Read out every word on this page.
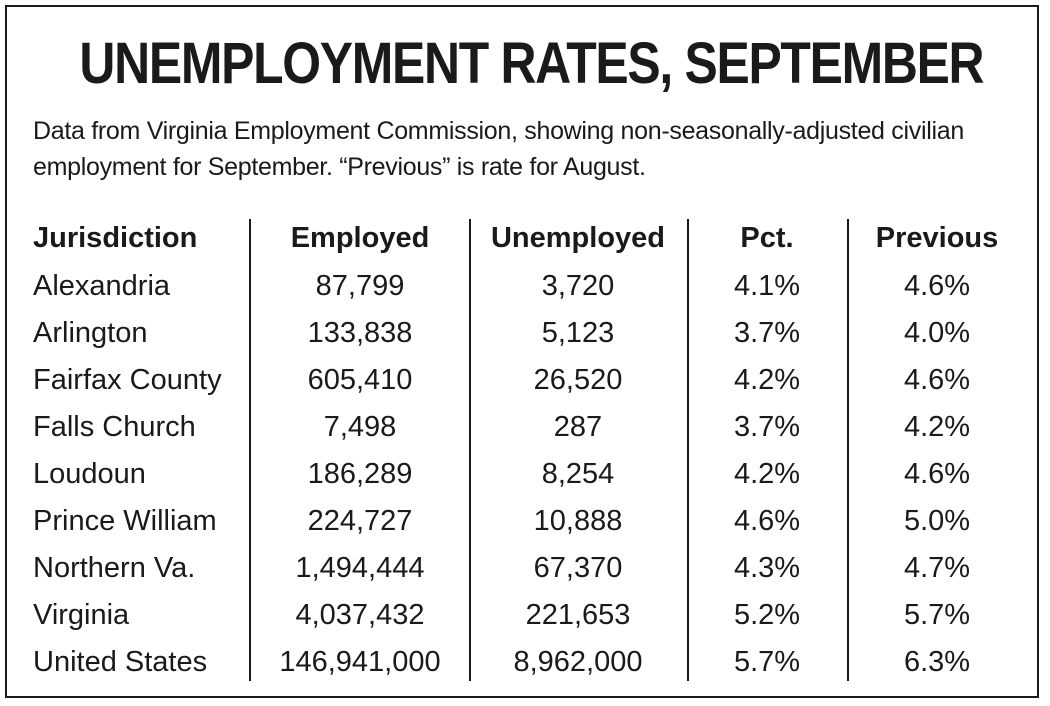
UNEMPLOYMENT RATES, SEPTEMBER
Data from Virginia Employment Commission, showing non-seasonally-adjusted civilian employment for September. “Previous” is rate for August.
Jurisdiction	Employed	Unemployed	Pct.	Previous
Alexandria	87,799	3,720	4.1%	4.6%
Arlington	133,838	5,123	3.7%	4.0%
Fairfax County	605,410	26,520	4.2%	4.6%
Falls Church	7,498	287	3.7%	4.2%
Loudoun	186,289	8,254	4.2%	4.6%
Prince William	224,727	10,888	4.6%	5.0%
Northern Va.	1,494,444	67,370	4.3%	4.7%
Virginia	4,037,432	221,653	5.2%	5.7%
United States	146,941,000	8,962,000	5.7%	6.3%
